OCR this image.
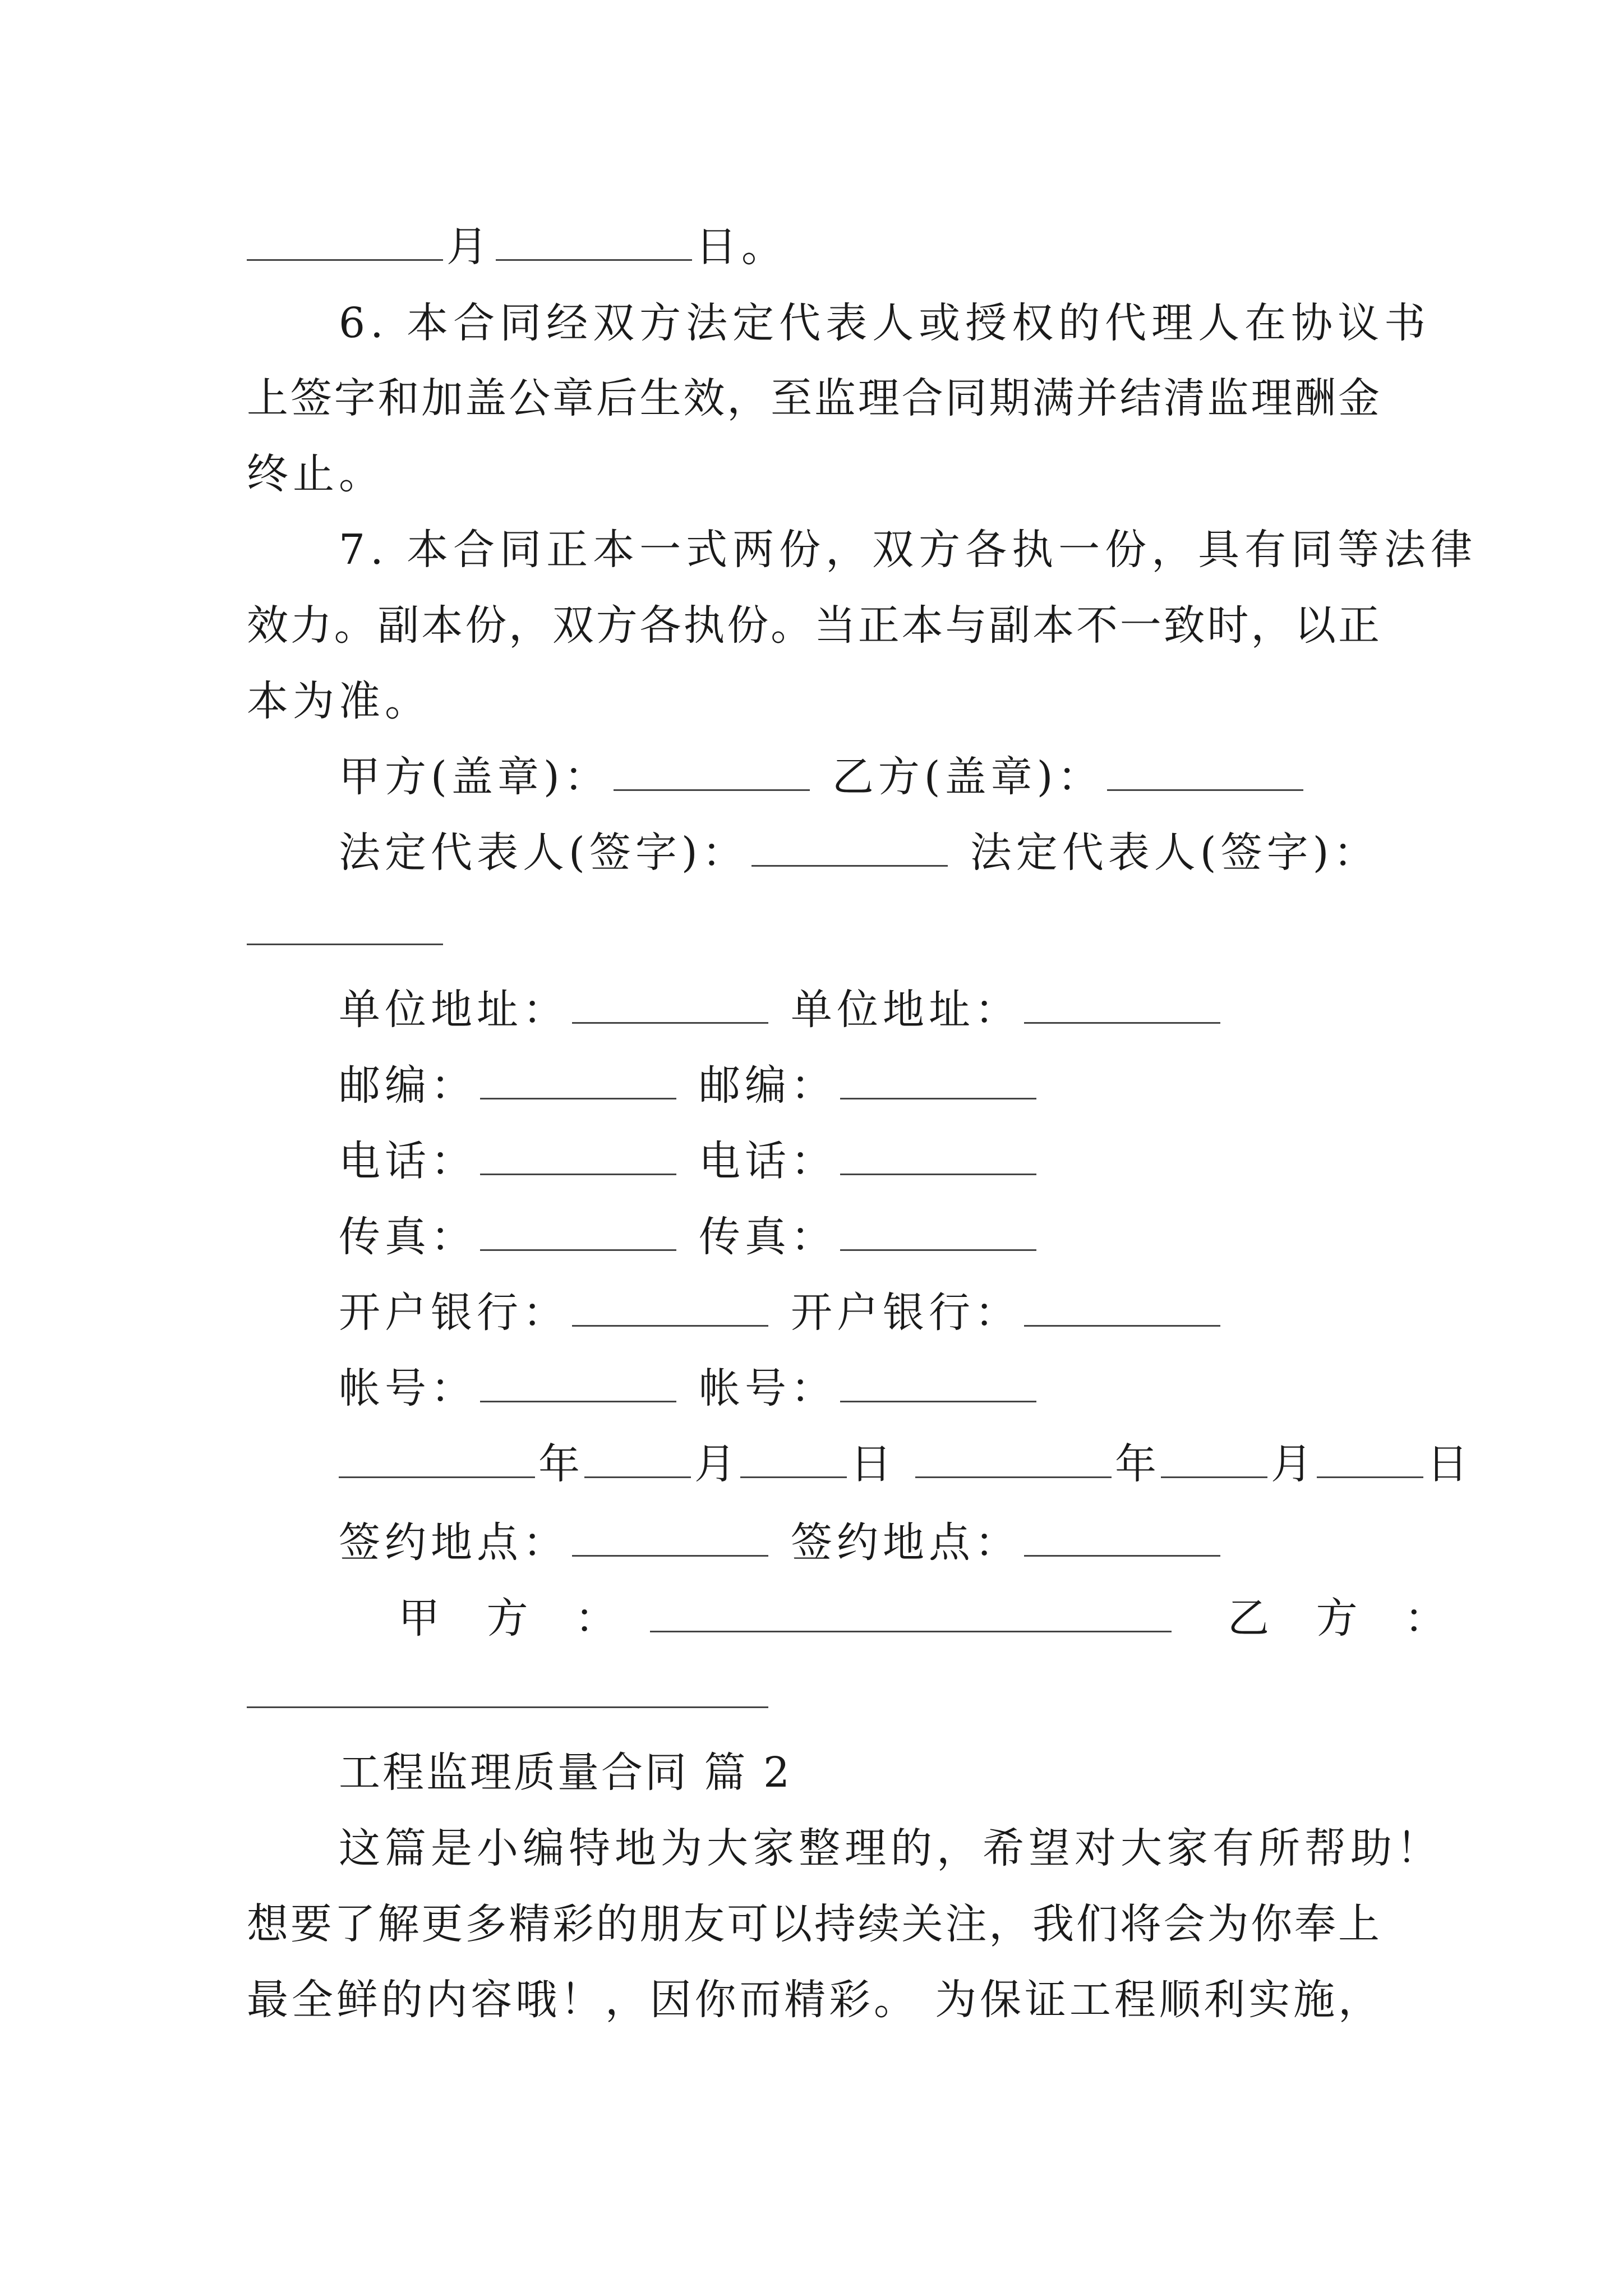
月	日。
6. 本合同经双方法定代表人或授权的代理人在协议书
上签字和加盖公章后生效，至监理合同期满并结清监理酬金
终止。
7. 本合同正本一式两份，双方各执一份，具有同等法律
效力。副本份，双方各执份。当正本与副本不一致时，以正
本为准。
甲方(盖章)：	乙方(盖章)：
法定代表人(签字)：	法定代表人(签字)：
单位地址：	单位地址：
邮编：	邮编：
电话：	电话：
传真：	传真：
开户银行：	开户银行：
帐号：	帐号：
年	月	日	年	月	日
签约地点：	签约地点：
甲 方 ：	乙 方 ：
工程监理质量合同 篇 2
这篇是小编特地为大家整理的，希望对大家有所帮助！
想要了解更多精彩的朋友可以持续关注，我们将会为你奉上
最全鲜的内容哦！，因你而精彩。 为保证工程顺利实施，
